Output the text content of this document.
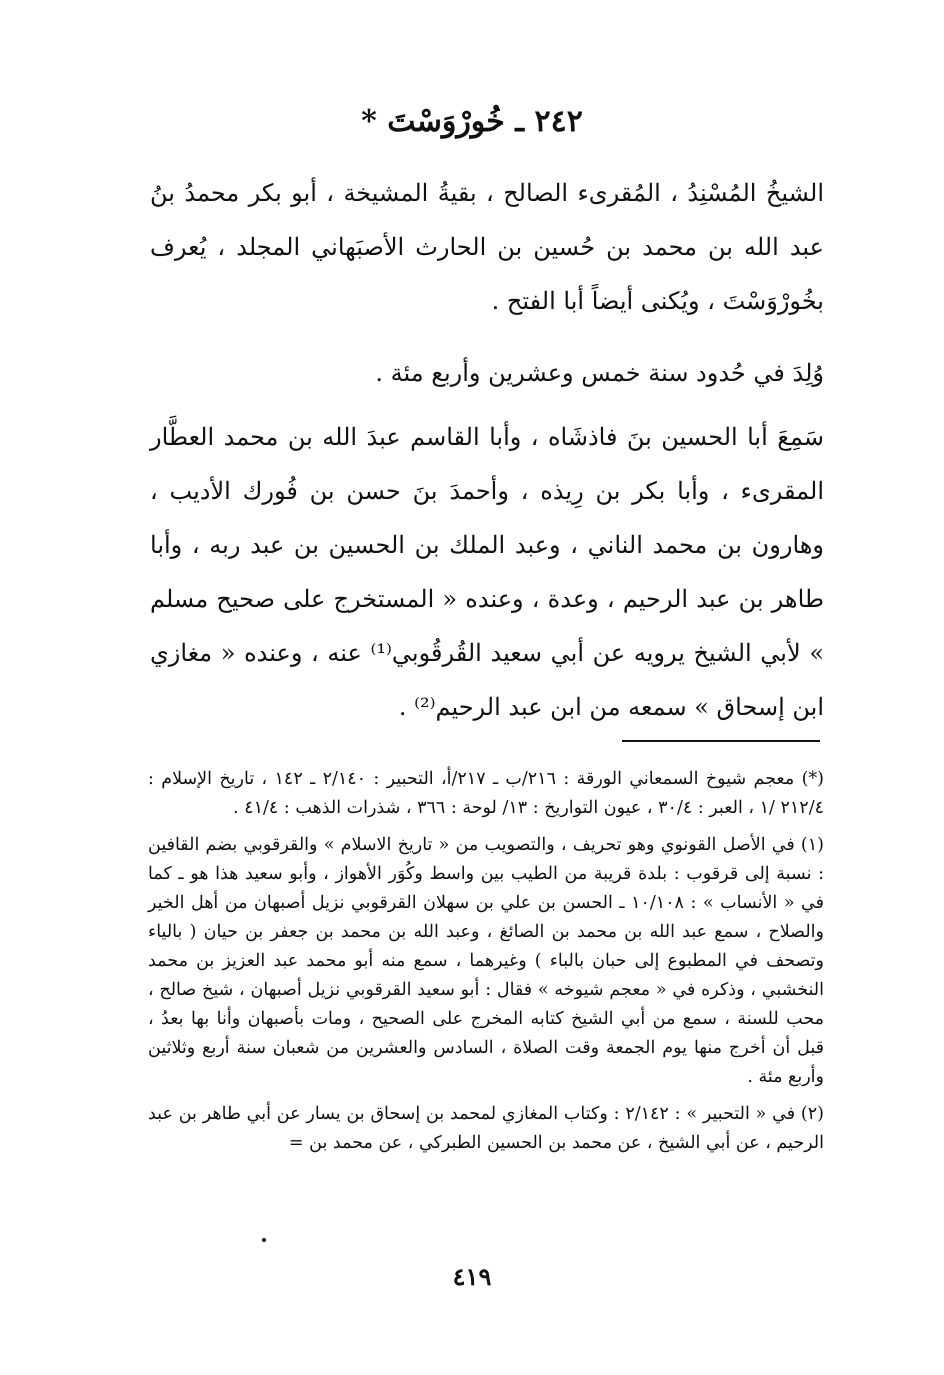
٢٤٢ ـ خُورْوَسْتَ *

الشيخُ المُسْنِدُ ، المُقرىء الصالح ، بقيةُ المشيخة ، أبو بكر محمدُ بنُ عبد الله بن محمد بن حُسين بن الحارث الأصبَهاني المجلد ، يُعرف بخُورْوَسْتَ ، ويُكنى أيضاً أبا الفتح .

وُلِدَ في حُدود سنة خمس وعشرين وأربع مئة .

سَمِعَ أبا الحسين بنَ فاذشَاه ، وأبا القاسم عبدَ الله بن محمد العطَّار المقرىء ، وأبا بكر بن رِيذه ، وأحمدَ بنَ حسن بن فُورك الأديب ، وهارون بن محمد الناني ، وعبد الملك بن الحسين بن عبد ربه ، وأبا طاهر بن عبد الرحيم ، وعدة ، وعنده « المستخرج على صحيح مسلم » لأبي الشيخ يرويه عن أبي سعيد القُرقُوبي⁽¹⁾ عنه ، وعنده « مغازي ابن إسحاق » سمعه من ابن عبد الرحيم⁽²⁾ .

(*) معجم شيوخ السمعاني الورقة : ٢١٦/ب ـ ٢١٧/أ، التحبير : ٢/١٤٠ ـ ١٤٢ ، تاريخ الإسلام : ٢١٢/٤ /١ ، العبر : ٣٠/٤ ، عيون التواريخ : ١٣/ لوحة : ٣٦٦ ، شذرات الذهب : ٤١/٤ .

(١) في الأصل القونوي وهو تحريف ، والتصويب من « تاريخ الاسلام » والقرقوبي بضم القافين : نسبة إلى قرقوب : بلدة قريبة من الطيب بين واسط وكُوَر الأهواز ، وأبو سعيد هذا هو ـ كما في « الأنساب » : ١٠/١٠٨ ـ الحسن بن علي بن سهلان القرقوبي نزيل أصبهان من أهل الخير والصلاح ، سمع عبد الله بن محمد بن الصائغ ، وعبد الله بن محمد بن جعفر بن حيان ( بالياء وتصحف في المطبوع إلى حبان بالباء ) وغيرهما ، سمع منه أبو محمد عبد العزيز بن محمد النخشبي ، وذكره في « معجم شيوخه » فقال : أبو سعيد القرقوبي نزيل أصبهان ، شيخ صالح ، محب للسنة ، سمع من أبي الشيخ كتابه المخرج على الصحيح ، ومات بأصبهان وأنا بها بعدُ ، قبل أن أخرج منها يوم الجمعة وقت الصلاة ، السادس والعشرين من شعبان سنة أربع وثلاثين وأربع مئة .

(٢) في « التحبير » : ٢/١٤٢ : وكتاب المغازي لمحمد بن إسحاق بن يسار عن أبي طاهر بن عبد الرحيم ، عن أبي الشيخ ، عن محمد بن الحسين الطبركي ، عن محمد بن =

٤١٩
